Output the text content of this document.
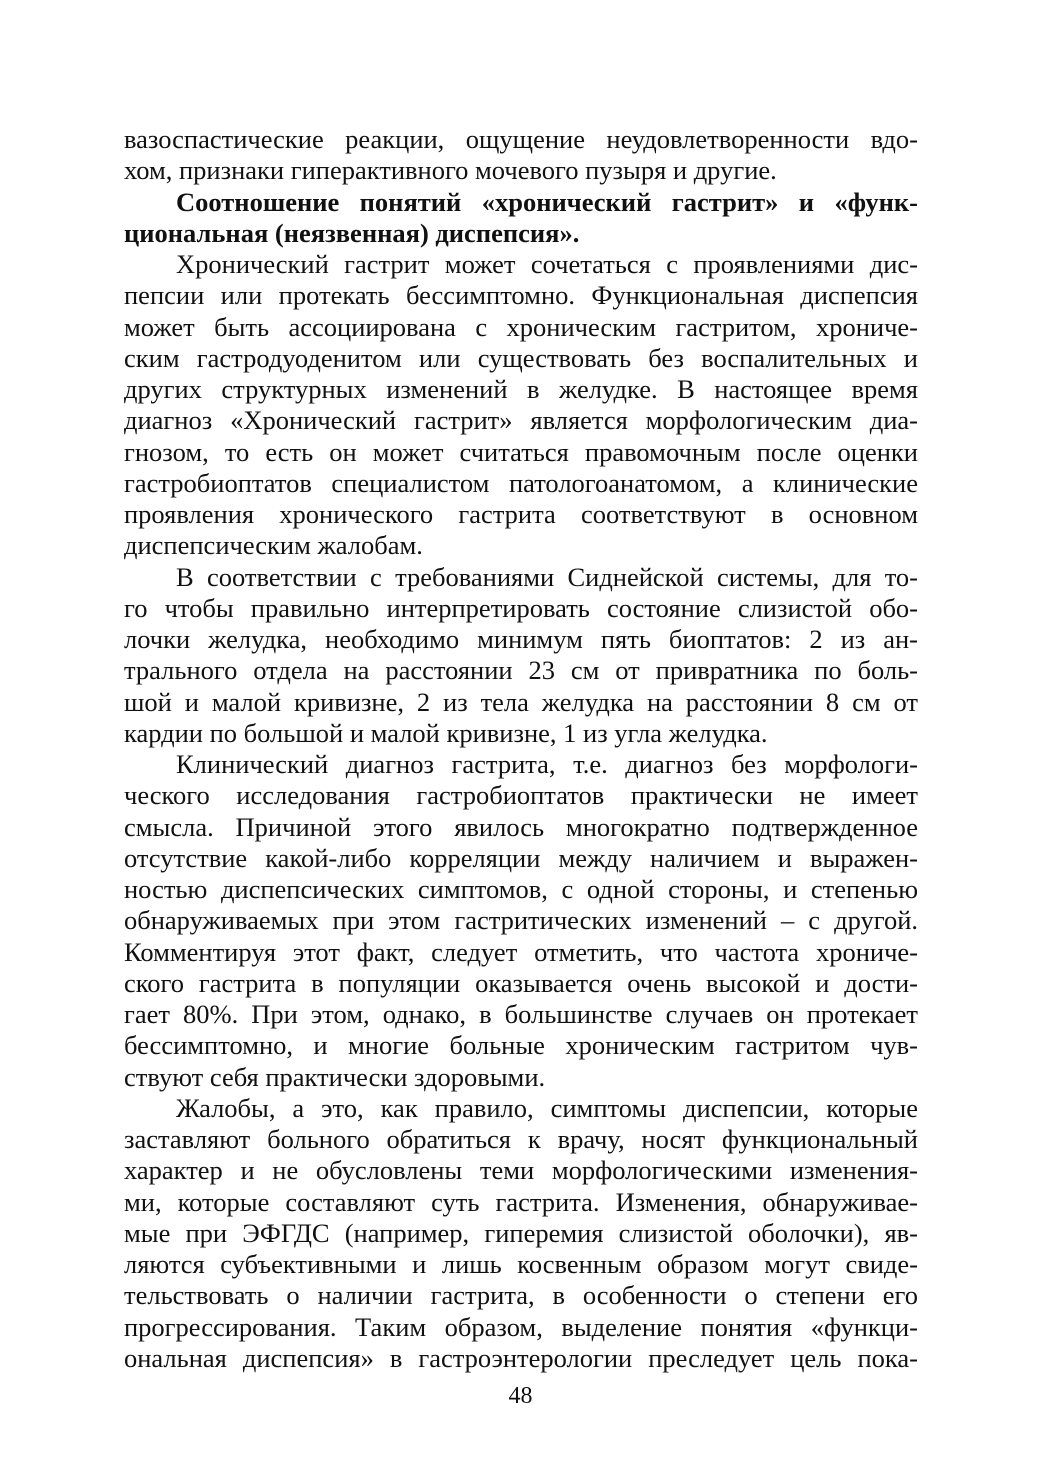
вазоспастические реакции, ощущение неудовлетворенности вдо-
хом, признаки гиперактивного мочевого пузыря и другие.
Соотношение понятий «хронический гастрит» и «функ-
циональная (неязвенная) диспепсия».
Хронический гастрит может сочетаться с проявлениями дис-
пепсии или протекать бессимптомно. Функциональная диспепсия
может быть ассоциирована с хроническим гастритом, хрониче-
ским гастродуоденитом или существовать без воспалительных и
других структурных изменений в желудке. В настоящее время
диагноз «Хронический гастрит» является морфологическим диа-
гнозом, то есть он может считаться правомочным после оценки
гастробиоптатов специалистом патологоанатомом, а клинические
проявления хронического гастрита соответствуют в основном
диспепсическим жалобам.
В соответствии с требованиями Сиднейской системы, для то-
го чтобы правильно интерпретировать состояние слизистой обо-
лочки желудка, необходимо минимум пять биоптатов: 2 из ан-
трального отдела на расстоянии 23 см от привратника по боль-
шой и малой кривизне, 2 из тела желудка на расстоянии 8 см от
кардии по большой и малой кривизне, 1 из угла желудка.
Клинический диагноз гастрита, т.е. диагноз без морфологи-
ческого исследования гастробиоптатов практически не имеет
смысла. Причиной этого явилось многократно подтвержденное
отсутствие какой-либо корреляции между наличием и выражен-
ностью диспепсических симптомов, с одной стороны, и степенью
обнаруживаемых при этом гастритических изменений – с другой.
Комментируя этот факт, следует отметить, что частота хрониче-
ского гастрита в популяции оказывается очень высокой и дости-
гает 80%. При этом, однако, в большинстве случаев он протекает
бессимптомно, и многие больные хроническим гастритом чув-
ствуют себя практически здоровыми.
Жалобы, а это, как правило, симптомы диспепсии, которые
заставляют больного обратиться к врачу, носят функциональный
характер и не обусловлены теми морфологическими изменения-
ми, которые составляют суть гастрита. Изменения, обнаруживае-
мые при ЭФГДС (например, гиперемия слизистой оболочки), яв-
ляются субъективными и лишь косвенным образом могут свиде-
тельствовать о наличии гастрита, в особенности о степени его
прогрессирования. Таким образом, выделение понятия «функци-
ональная диспепсия» в гастроэнтерологии преследует цель пока-
48
